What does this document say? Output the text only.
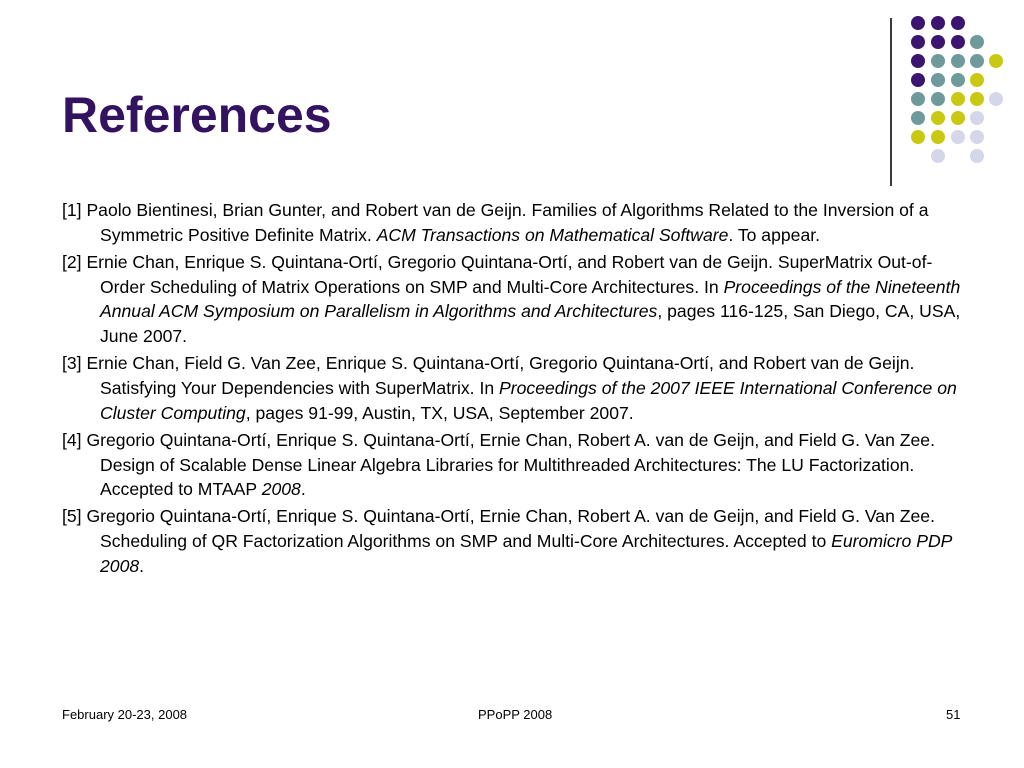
References

[1] Paolo Bientinesi, Brian Gunter, and Robert van de Geijn. Families of Algorithms Related to the Inversion of a Symmetric Positive Definite Matrix. ACM Transactions on Mathematical Software. To appear.

[2] Ernie Chan, Enrique S. Quintana-Ortí, Gregorio Quintana-Ortí, and Robert van de Geijn. SuperMatrix Out-of-Order Scheduling of Matrix Operations on SMP and Multi-Core Architectures. In Proceedings of the Nineteenth Annual ACM Symposium on Parallelism in Algorithms and Architectures, pages 116-125, San Diego, CA, USA, June 2007.

[3] Ernie Chan, Field G. Van Zee, Enrique S. Quintana-Ortí, Gregorio Quintana-Ortí, and Robert van de Geijn. Satisfying Your Dependencies with SuperMatrix. In Proceedings of the 2007 IEEE International Conference on Cluster Computing, pages 91-99, Austin, TX, USA, September 2007.

[4] Gregorio Quintana-Ortí, Enrique S. Quintana-Ortí, Ernie Chan, Robert A. van de Geijn, and Field G. Van Zee. Design of Scalable Dense Linear Algebra Libraries for Multithreaded Architectures: The LU Factorization. Accepted to MTAAP 2008.

[5] Gregorio Quintana-Ortí, Enrique S. Quintana-Ortí, Ernie Chan, Robert A. van de Geijn, and Field G. Van Zee. Scheduling of QR Factorization Algorithms on SMP and Multi-Core Architectures. Accepted to Euromicro PDP 2008.

February 20-23, 2008	PPoPP 2008	51
